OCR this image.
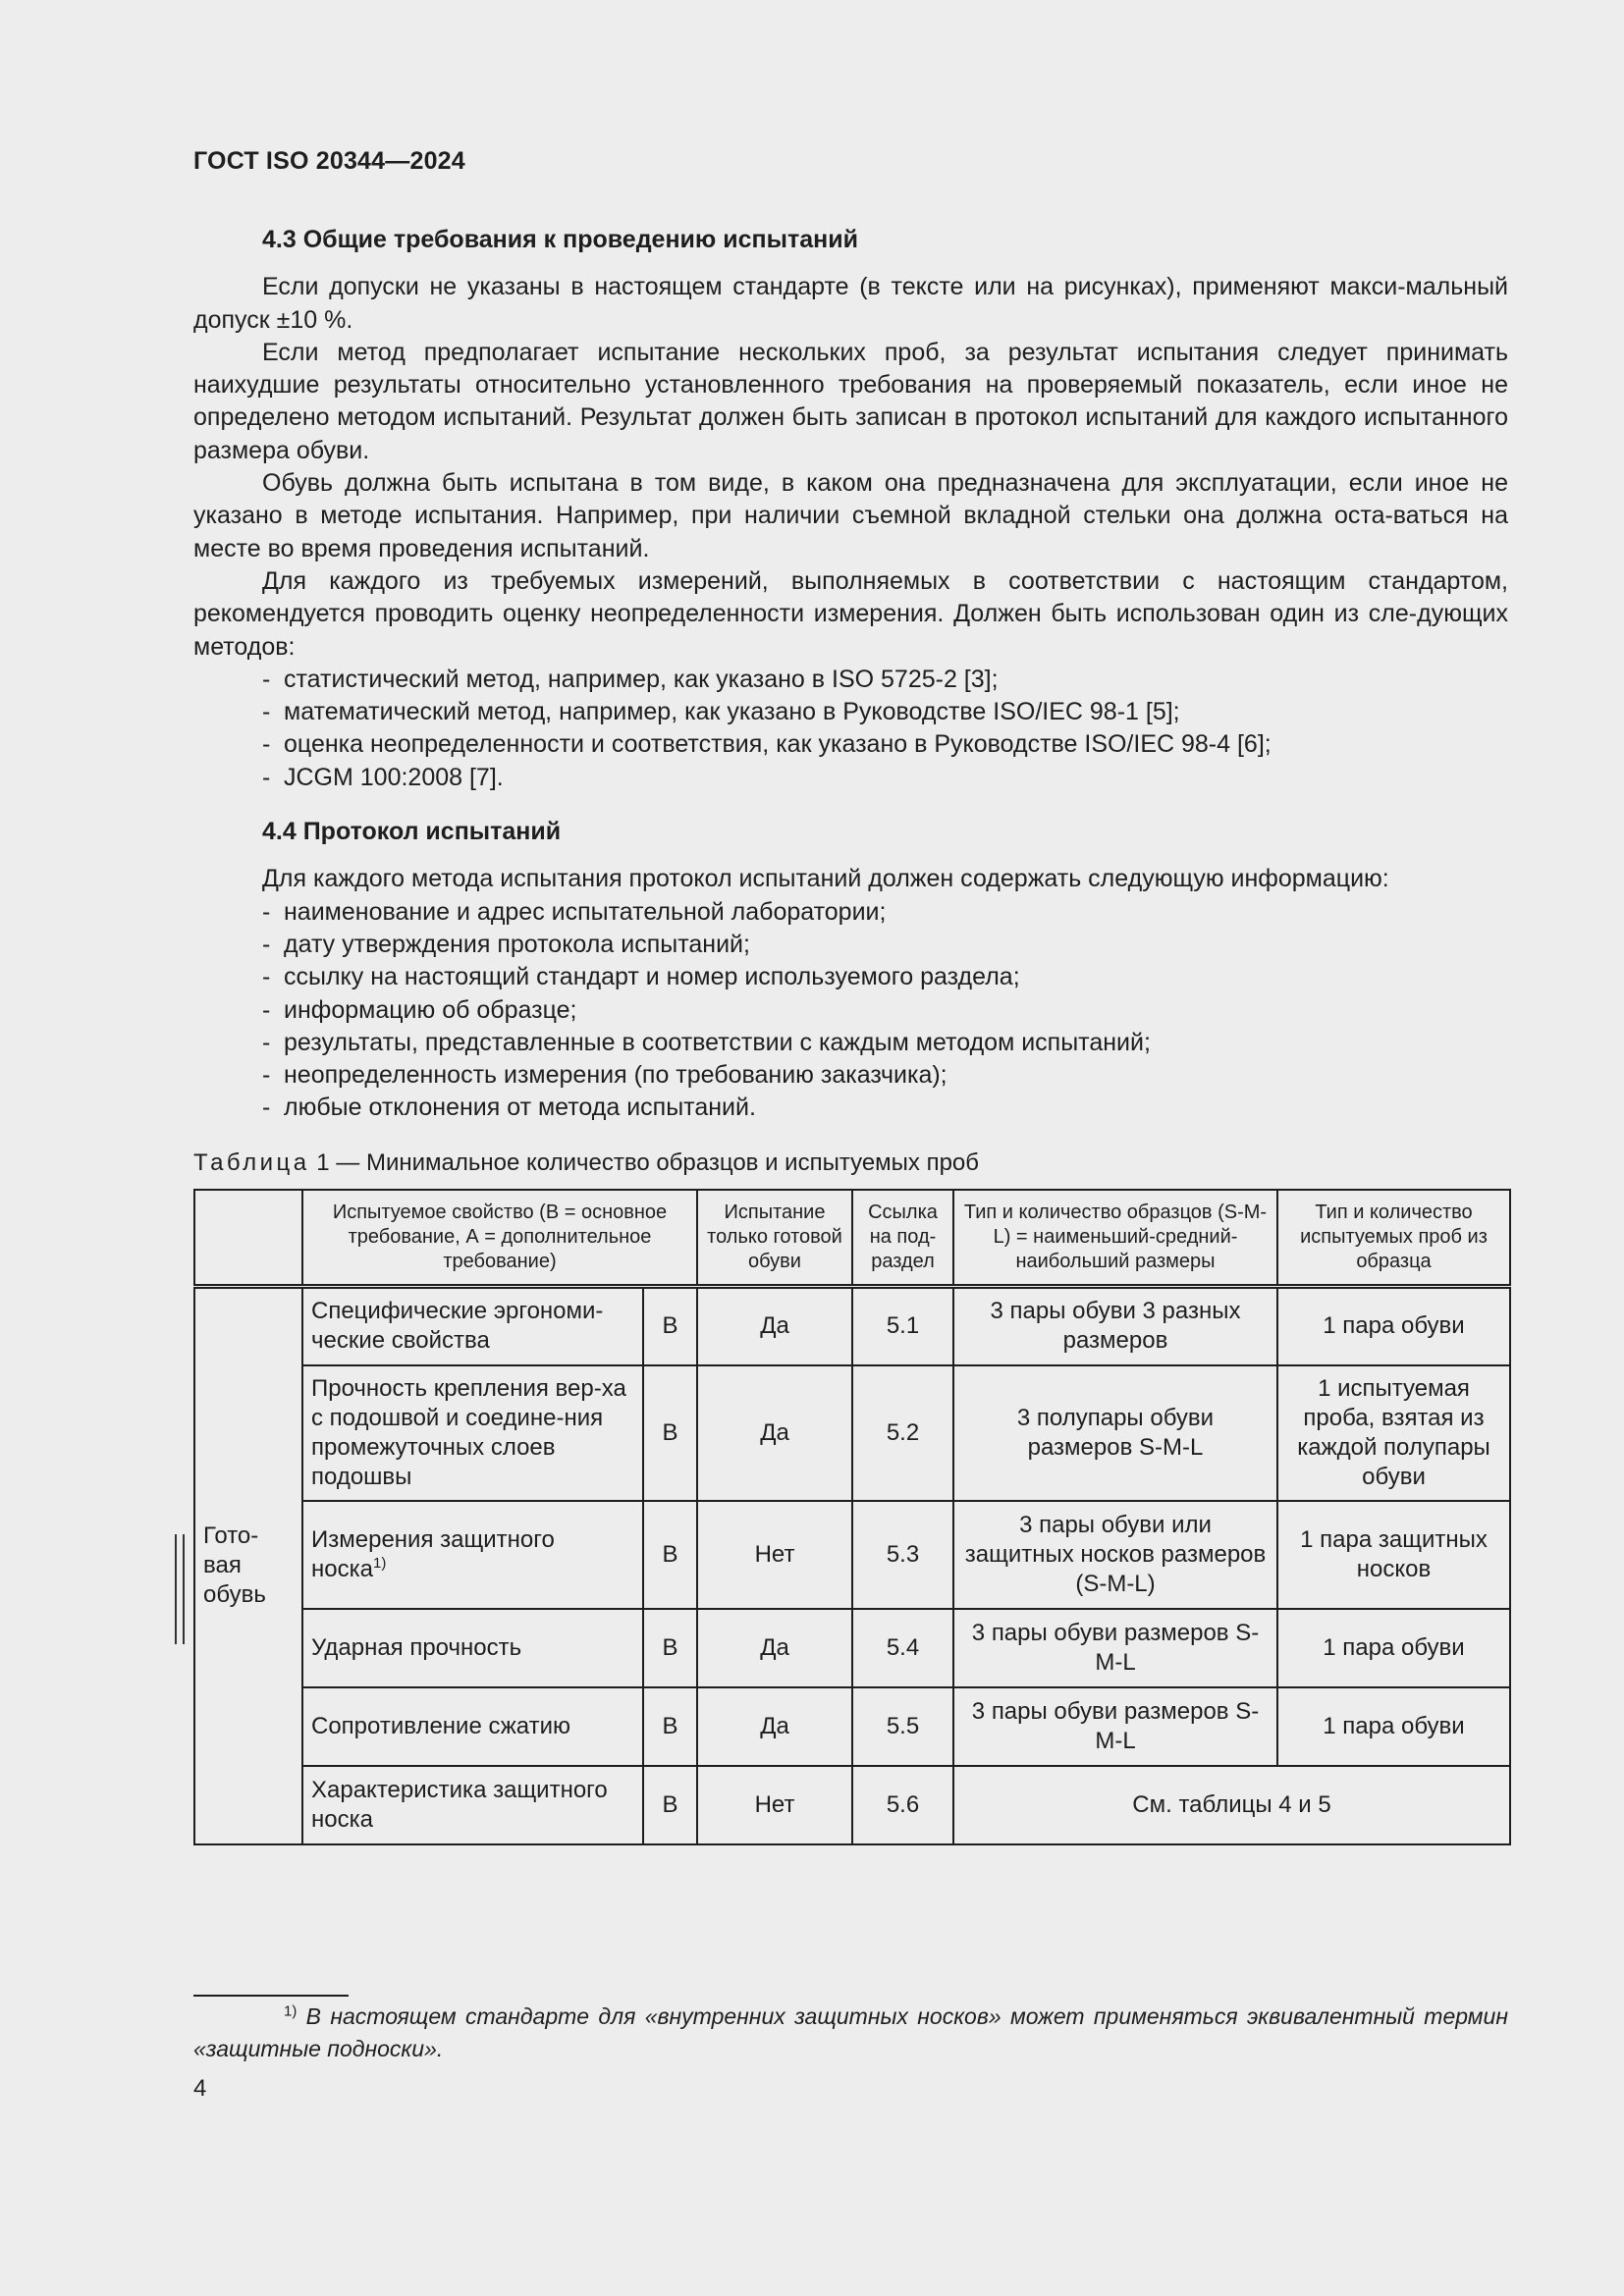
ГОСТ ISO 20344—2024

4.3 Общие требования к проведению испытаний

Если допуски не указаны в настоящем стандарте (в тексте или на рисунках), применяют макси-мальный допуск ±10 %.

Если метод предполагает испытание нескольких проб, за результат испытания следует принимать наихудшие результаты относительно установленного требования на проверяемый показатель, если иное не определено методом испытаний. Результат должен быть записан в протокол испытаний для каждого испытанного размера обуви.

Обувь должна быть испытана в том виде, в каком она предназначена для эксплуатации, если иное не указано в методе испытания. Например, при наличии съемной вкладной стельки она должна оста-ваться на месте во время проведения испытаний.

Для каждого из требуемых измерений, выполняемых в соответствии с настоящим стандартом, рекомендуется проводить оценку неопределенности измерения. Должен быть использован один из сле-дующих методов:

- статистический метод, например, как указано в ISO 5725-2 [3];
- математический метод, например, как указано в Руководстве ISO/IEC 98-1 [5];
- оценка неопределенности и соответствия, как указано в Руководстве ISO/IEC 98-4 [6];
- JCGM 100:2008 [7].

4.4 Протокол испытаний

Для каждого метода испытания протокол испытаний должен содержать следующую информацию:

- наименование и адрес испытательной лаборатории;
- дату утверждения протокола испытаний;
- ссылку на настоящий стандарт и номер используемого раздела;
- информацию об образце;
- результаты, представленные в соответствии с каждым методом испытаний;
- неопределенность измерения (по требованию заказчика);
- любые отклонения от метода испытаний.

Таблица 1 — Минимальное количество образцов и испытуемых проб

	Испытуемое свойство (B = основное требование, А = дополнительное требование)		Испытание только готовой обуви	Ссылка на под-раздел	Тип и количество образцов (S-M-L) = наименьший-средний-наибольший размеры	Тип и количество испытуемых проб из образца
Гото-вая обувь	Специфические эргономи-ческие свойства	B	Да	5.1	3 пары обуви 3 разных размеров	1 пара обуви
	Прочность крепления вер-ха с подошвой и соедине-ния промежуточных слоев подошвы	B	Да	5.2	3 полупары обуви размеров S-M-L	1 испытуемая проба, взятая из каждой полупары обуви
	Измерения защитного носка$^{1)}$	B	Нет	5.3	3 пары обуви или защитных носков размеров (S-M-L)	1 пара защитных носков
	Ударная прочность	B	Да	5.4	3 пары обуви размеров S-M-L	1 пара обуви
	Сопротивление сжатию	B	Да	5.5	3 пары обуви размеров S-M-L	1 пара обуви
	Характеристика защитного носка	B	Нет	5.6	См. таблицы 4 и 5	
$^{1)}$ В настоящем стандарте для «внутренних защитных носков» может применяться эквивалентный термин «защитные подноски».
4
